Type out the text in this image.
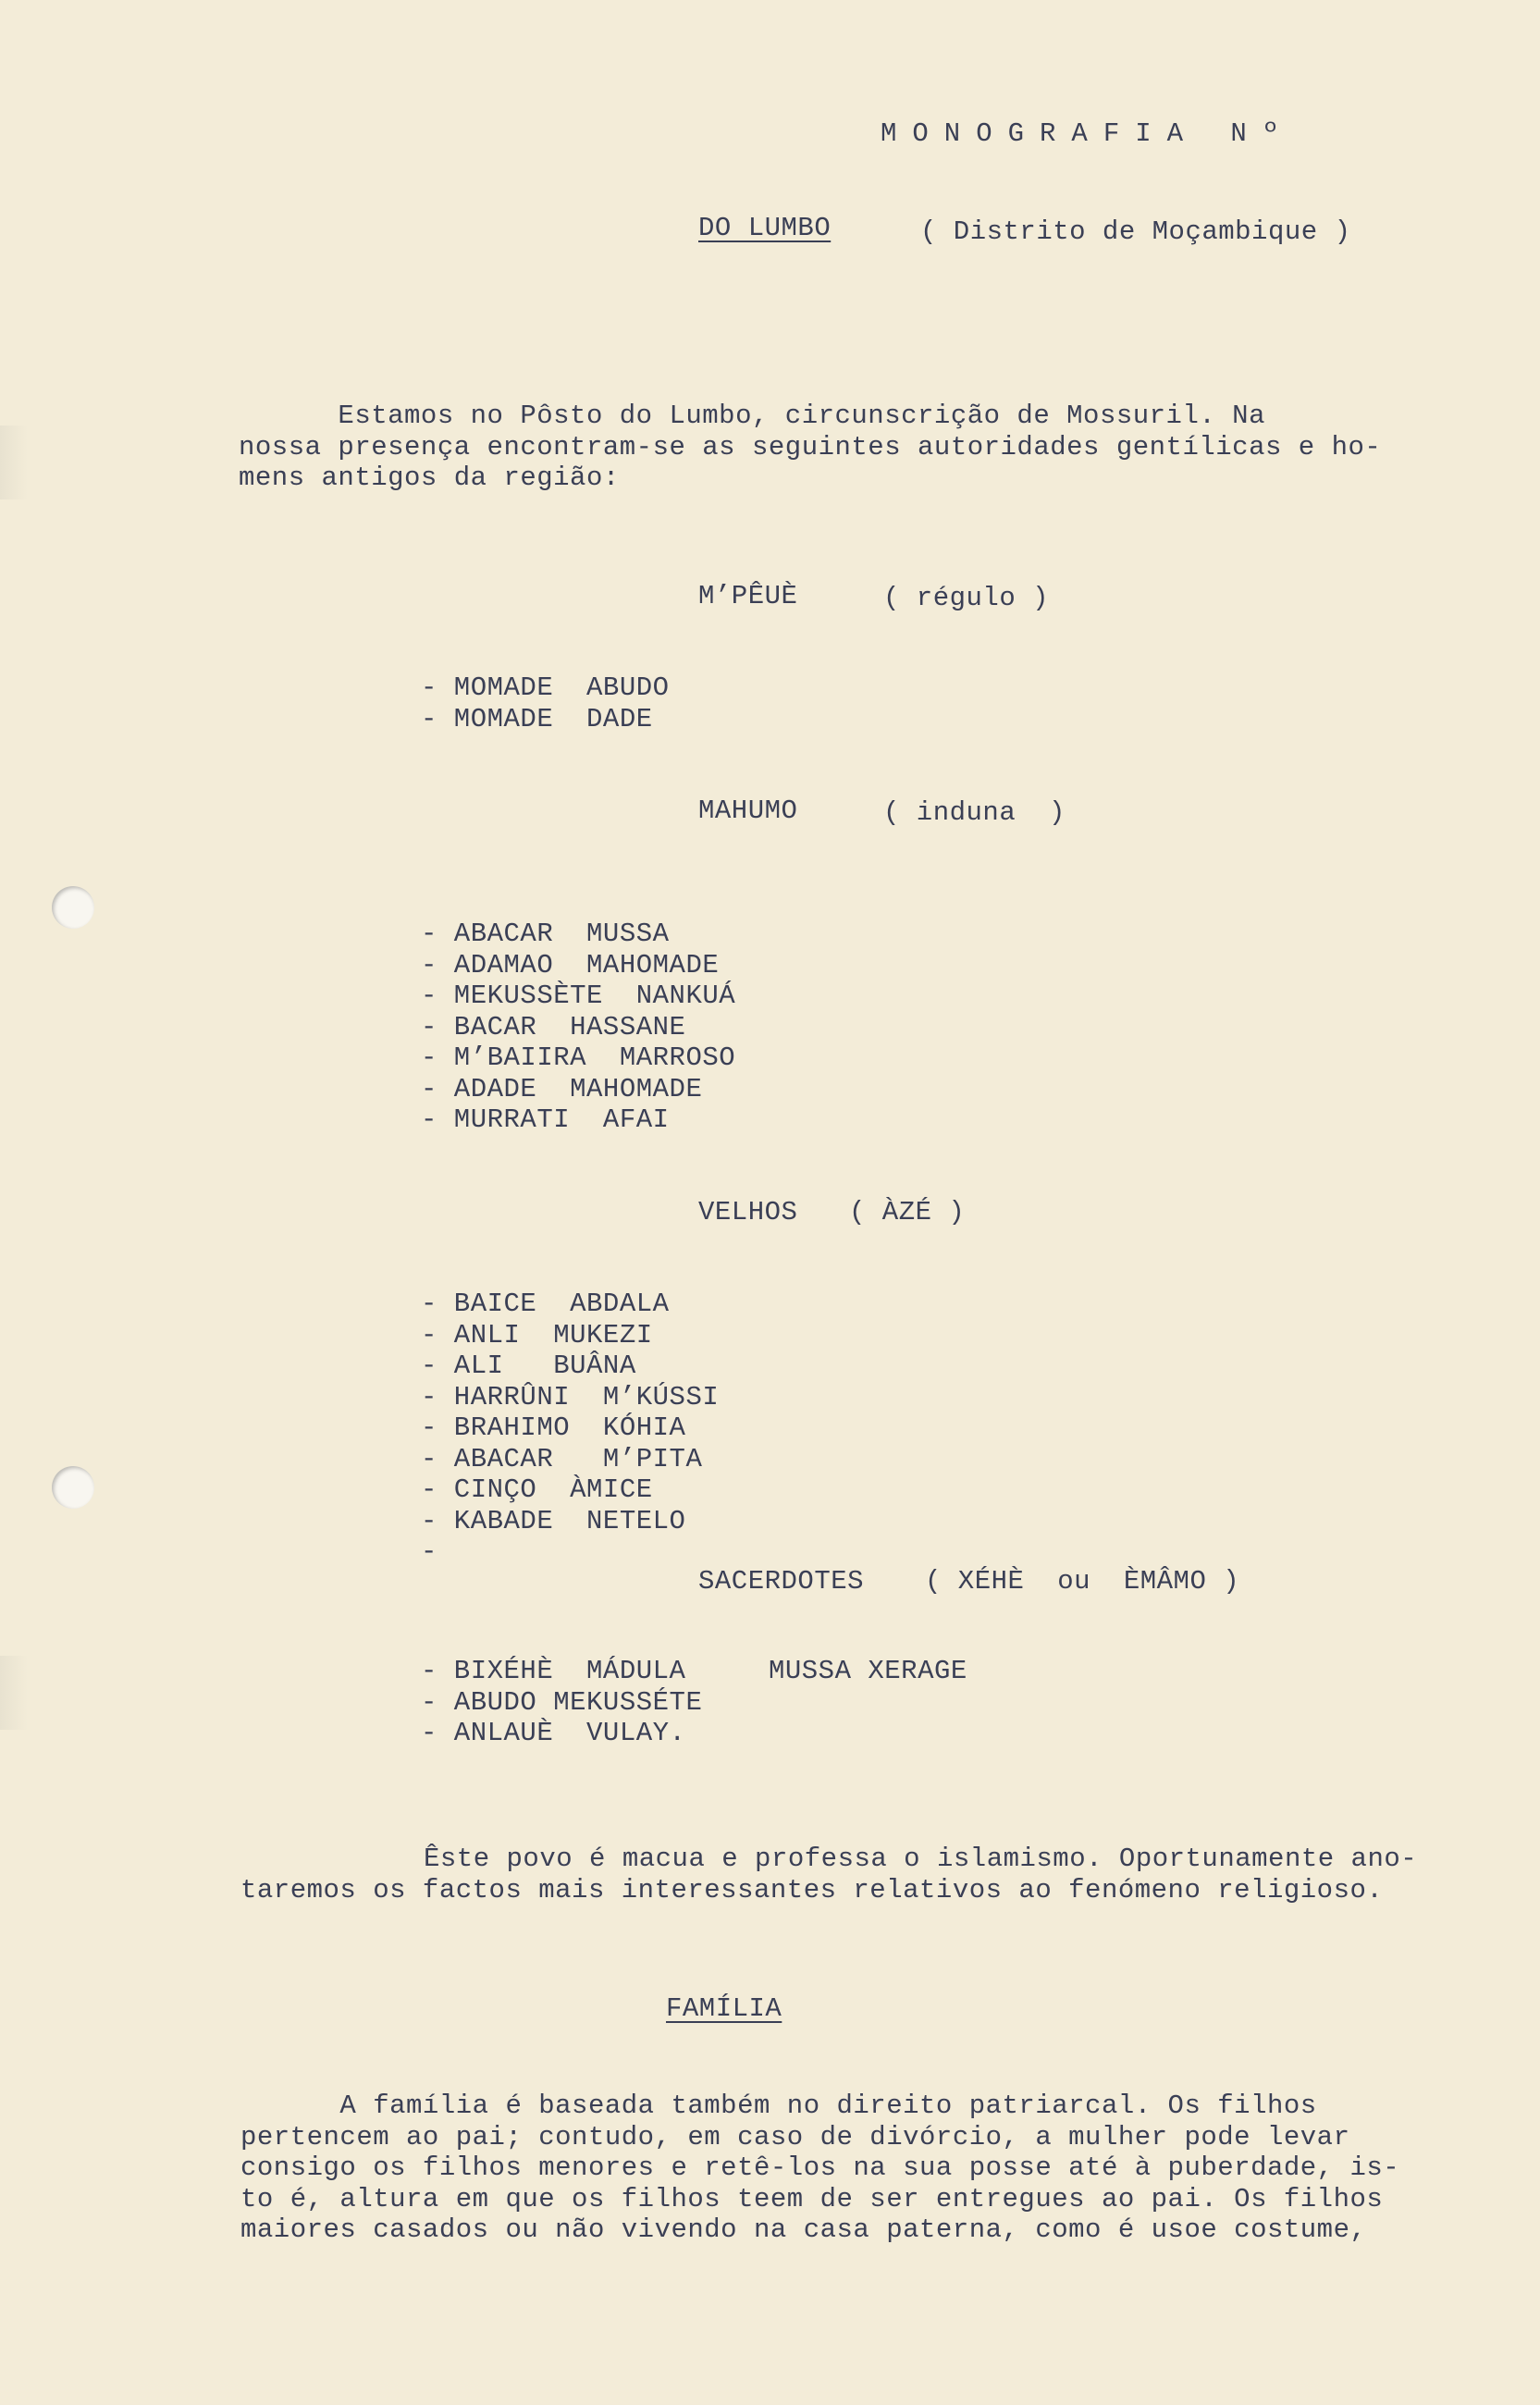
MONOGRAFIA Nº
DO LUMBO	( Distrito de Moçambique )
Estamos no Pôsto do Lumbo, circunscrição de Mossuril. Na
nossa presença encontram-se as seguintes autoridades gentílicas e ho-
mens antigos da região:
M’PÊUÈ	( régulo )
- MOMADE  ABUDO
- MOMADE  DADE
MAHUMO	( induna  )
- ABACAR  MUSSA
- ADAMAO  MAHOMADE
- MEKUSSÈTE  NANKUÁ
- BACAR  HASSANE
- M’BAIIRA  MARROSO
- ADADE  MAHOMADE
- MURRATI  AFAI
VELHOS ( ÀZÉ )
- BAICE  ABDALA
- ANLI  MUKEZI
- ALI   BUÂNA
- HARRÛNI  M’KÚSSI
- BRAHIMO  KÓHIA
- ABACAR   M’PITA
- CINÇO  ÀMICE
- KABADE  NETELO
-
SACERDOTES ( XÉHÈ  ou  ÈMÂMO )
- BIXÉHÈ  MÁDULA     MUSSA XERAGE
- ABUDO MEKUSSÉTE
- ANLAUÈ  VULAY.
Êste povo é macua e professa o islamismo. Oportunamente ano-
taremos os factos mais interessantes relativos ao fenómeno religioso.
FAMÍLIA
A família é baseada também no direito patriarcal. Os filhos
pertencem ao pai; contudo, em caso de divórcio, a mulher pode levar
consigo os filhos menores e retê-los na sua posse até à puberdade, is-
to é, altura em que os filhos teem de ser entregues ao pai. Os filhos
maiores casados ou não vivendo na casa paterna, como é usoe costume,
